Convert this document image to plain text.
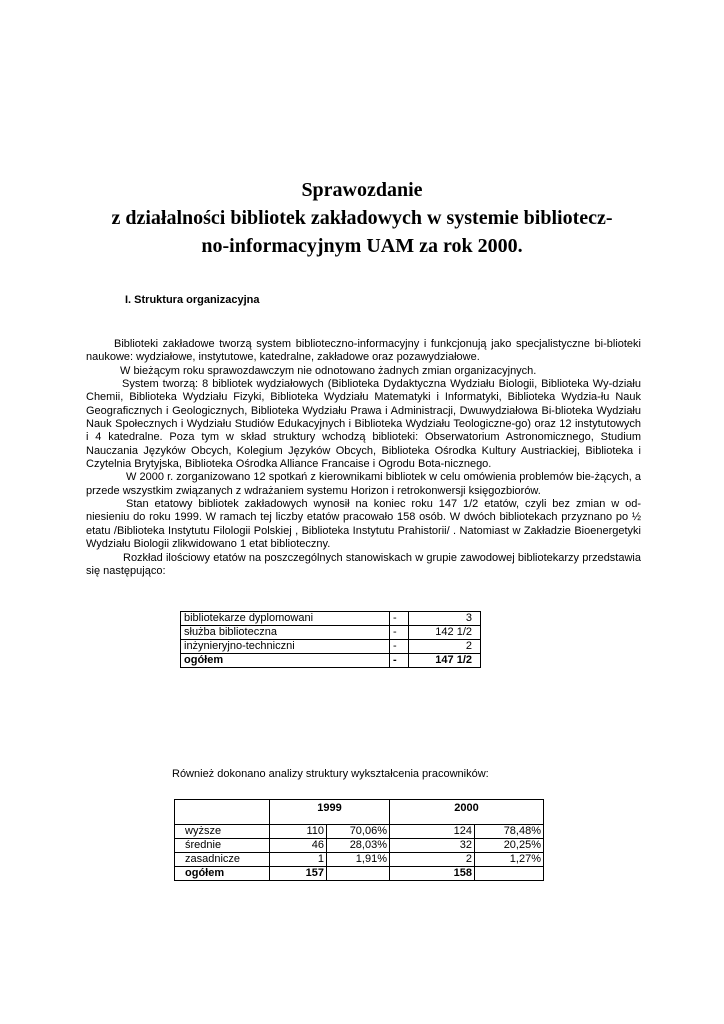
Sprawozdanie
z działalności bibliotek zakładowych w systemie bibliotecz-
no-informacyjnym UAM za rok 2000.
I. Struktura organizacyjna

Biblioteki zakładowe tworzą system biblioteczno-informacyjny i funkcjonują jako specjalistyczne bi-blioteki naukowe: wydziałowe, instytutowe, katedralne, zakładowe oraz pozawydziałowe.

W bieżącym roku sprawozdawczym nie odnotowano żadnych zmian organizacyjnych.

System tworzą: 8 bibliotek wydziałowych (Biblioteka Dydaktyczna Wydziału Biologii, Biblioteka Wy-działu Chemii, Biblioteka Wydziału Fizyki, Biblioteka Wydziału Matematyki i Informatyki, Biblioteka Wydzia-łu Nauk Geograficznych i Geologicznych, Biblioteka Wydziału Prawa i Administracji, Dwuwydziałowa Bi-blioteka Wydziału Nauk Społecznych i Wydziału Studiów Edukacyjnych i Biblioteka Wydziału Teologiczne-go) oraz 12 instytutowych i 4 katedralne. Poza tym w skład struktury wchodzą biblioteki: Obserwatorium Astronomicznego, Studium Nauczania Języków Obcych, Kolegium Języków Obcych, Biblioteka Ośrodka Kultury Austriackiej, Biblioteka i Czytelnia Brytyjska, Biblioteka Ośrodka Alliance Francaise i Ogrodu Bota-nicznego.

W 2000 r. zorganizowano 12 spotkań z kierownikami bibliotek w celu omówienia problemów bie-żących, a przede wszystkim związanych z wdrażaniem systemu Horizon i retrokonwersji księgozbiorów.

Stan etatowy bibliotek zakładowych wynosił na koniec roku 147 1/2 etatów, czyli bez zmian w od-niesieniu do roku 1999. W ramach tej liczby etatów pracowało 158 osób. W dwóch bibliotekach przyznano po ½ etatu /Biblioteka Instytutu Filologii Polskiej , Biblioteka Instytutu Prahistorii/ . Natomiast w Zakładzie Bioenergetyki Wydziału Biologii zlikwidowano 1 etat biblioteczny.

Rozkład ilościowy etatów na poszczególnych stanowiskach w grupie zawodowej bibliotekarzy przedstawia się następująco:

bibliotekarze dyplomowani	-	3
służba biblioteczna	-	142 1/2
inżynieryjno-techniczni	-	2
ogółem	-	147 1/2
Również dokonano analizy struktury wykształcenia pracowników:
	1999		2000	
wyższe	110	70,06%	124	78,48%
średnie	46	28,03%	32	20,25%
zasadnicze	1	1,91%	2	1,27%
ogółem	157		158	
